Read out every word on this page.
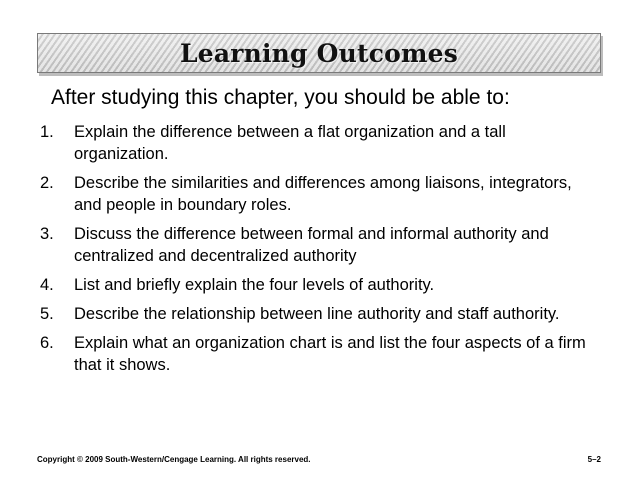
Learning Outcomes
After studying this chapter, you should be able to:
1.	Explain the difference between a flat organization and a tall organization.
2.	Describe the similarities and differences among liaisons, integrators, and people in boundary roles.
3.	Discuss the difference between formal and informal authority and centralized and decentralized authority
4.	List and briefly explain the four levels of authority.
5.	Describe the relationship between line authority and staff authority.
6.	Explain what an organization chart is and list the four aspects of a firm that it shows.
Copyright © 2009 South-Western/Cengage Learning. All rights reserved.	5–2
